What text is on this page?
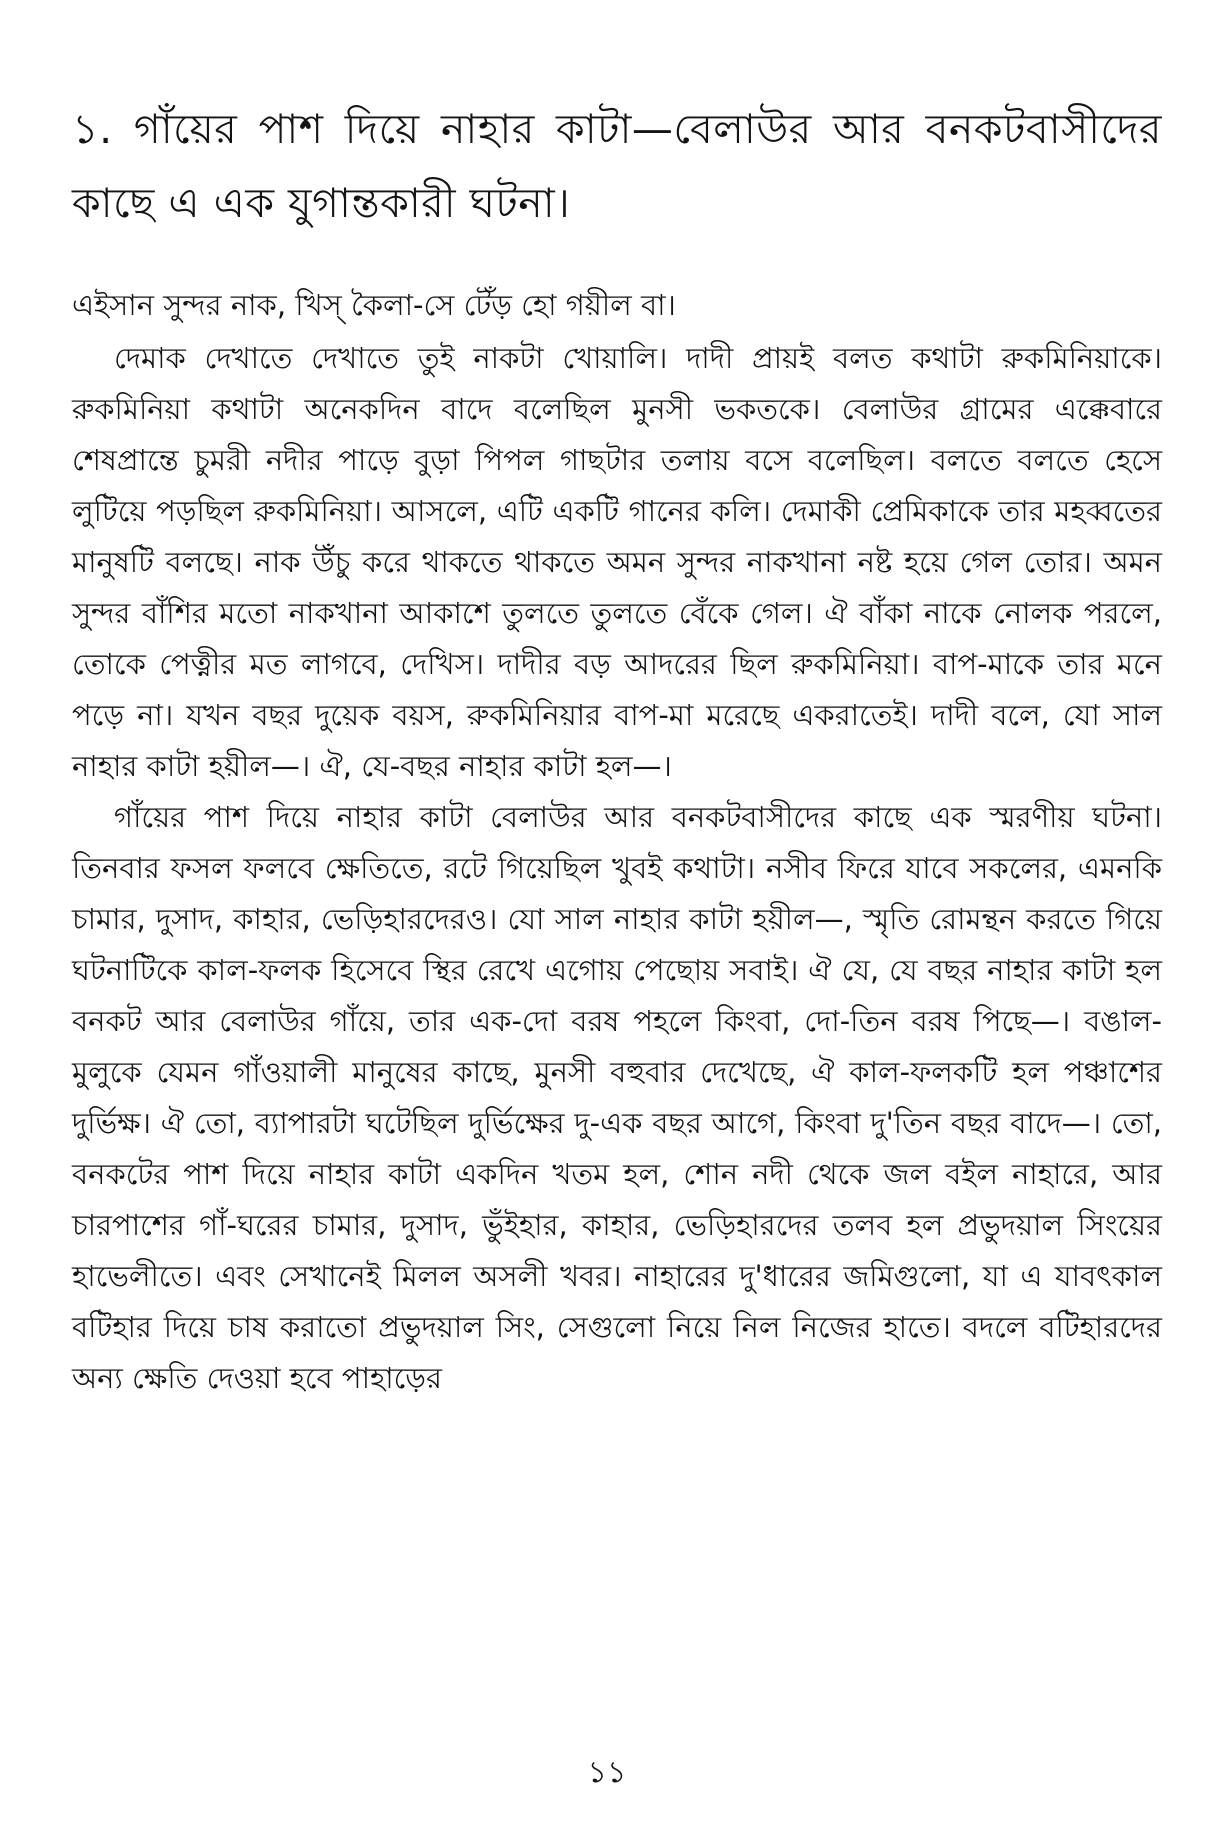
১. গাঁয়ের পাশ দিয়ে নাহার কাটা—বেলাউর আর বনকটবাসীদের কাছে এ এক যুগান্তকারী ঘটনা।

এইসান সুন্দর নাক, খিস্ কৈলা-সে টেঁড় হো গয়ীল বা।

দেমাক দেখাতে দেখাতে তুই নাকটা খোয়ালি। দাদী প্রায়ই বলত কথাটা রুকমিনিয়াকে। রুকমিনিয়া কথাটা অনেকদিন বাদে বলেছিল মুনসী ভকতকে। বেলাউর গ্রামের এক্কেবারে শেষপ্রান্তে চুমরী নদীর পাড়ে বুড়া পিপল গাছটার তলায় বসে বলেছিল। বলতে বলতে হেসে লুটিয়ে পড়ছিল রুকমিনিয়া। আসলে, এটি একটি গানের কলি। দেমাকী প্রেমিকাকে তার মহব্বতের মানুষটি বলছে। নাক উঁচু করে থাকতে থাকতে অমন সুন্দর নাকখানা নষ্ট হয়ে গেল তোর। অমন সুন্দর বাঁশির মতো নাকখানা আকাশে তুলতে তুলতে বেঁকে গেল। ঐ বাঁকা নাকে নোলক পরলে, তোকে পেত্নীর মত লাগবে, দেখিস। দাদীর বড় আদরের ছিল রুকমিনিয়া। বাপ-মাকে তার মনে পড়ে না। যখন বছর দুয়েক বয়স, রুকমিনিয়ার বাপ-মা মরেছে একরাতেই। দাদী বলে, যো সাল নাহার কাটা হয়ীল—। ঐ, যে-বছর নাহার কাটা হল—।

গাঁয়ের পাশ দিয়ে নাহার কাটা বেলাউর আর বনকটবাসীদের কাছে এক স্মরণীয় ঘটনা। তিনবার ফসল ফলবে ক্ষেতিতে, রটে গিয়েছিল খুবই কথাটা। নসীব ফিরে যাবে সকলের, এমনকি চামার, দুসাদ, কাহার, ভেড়িহারদেরও। যো সাল নাহার কাটা হয়ীল—, স্মৃতি রোমন্থন করতে গিয়ে ঘটনাটিকে কাল-ফলক হিসেবে স্থির রেখে এগোয় পেছোয় সবাই। ঐ যে, যে বছর নাহার কাটা হল বনকট আর বেলাউর গাঁয়ে, তার এক-দো বরষ পহলে কিংবা, দো-তিন বরষ পিছে—। বঙাল-মুলুকে যেমন গাঁওয়ালী মানুষের কাছে, মুনসী বহুবার দেখেছে, ঐ কাল-ফলকটি হল পঞ্চাশের দুর্ভিক্ষ। ঐ তো, ব্যাপারটা ঘটেছিল দুর্ভিক্ষের দু-এক বছর আগে, কিংবা দু'তিন বছর বাদে—। তো, বনকটের পাশ দিয়ে নাহার কাটা একদিন খতম হল, শোন নদী থেকে জল বইল নাহারে, আর চারপাশের গাঁ-ঘরের চামার, দুসাদ, ভুঁইহার, কাহার, ভেড়িহারদের তলব হল প্রভুদয়াল সিংয়ের হাভেলীতে। এবং সেখানেই মিলল অসলী খবর। নাহারের দু'ধারের জমিগুলো, যা এ যাবৎকাল বটিহার দিয়ে চাষ করাতো প্রভুদয়াল সিং, সেগুলো নিয়ে নিল নিজের হাতে। বদলে বটিহারদের অন্য ক্ষেতি দেওয়া হবে পাহাড়ের

১১
